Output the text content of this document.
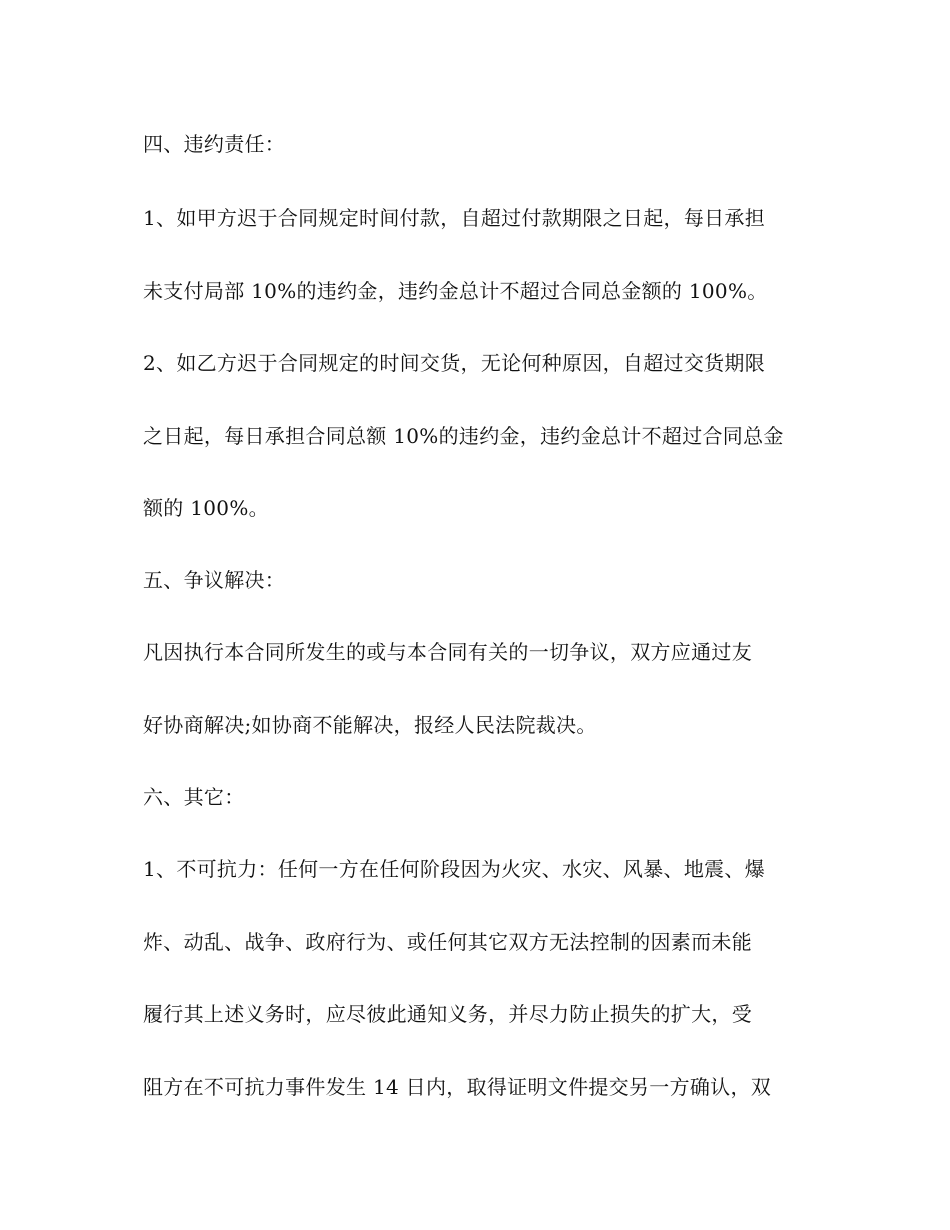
四、违约责任：
1、如甲方迟于合同规定时间付款，自超过付款期限之日起，每日承担
未支付局部 10%的违约金，违约金总计不超过合同总金额的 100%。
2、如乙方迟于合同规定的时间交货，无论何种原因，自超过交货期限
之日起，每日承担合同总额 10%的违约金，违约金总计不超过合同总金
额的 100%。
五、争议解决：
凡因执行本合同所发生的或与本合同有关的一切争议，双方应通过友
好协商解决;如协商不能解决，报经人民法院裁决。
六、其它：
1、不可抗力：任何一方在任何阶段因为火灾、水灾、风暴、地震、爆
炸、动乱、战争、政府行为、或任何其它双方无法控制的因素而未能
履行其上述义务时，应尽彼此通知义务，并尽力防止损失的扩大，受
阻方在不可抗力事件发生 14 日内，取得证明文件提交另一方确认，双
